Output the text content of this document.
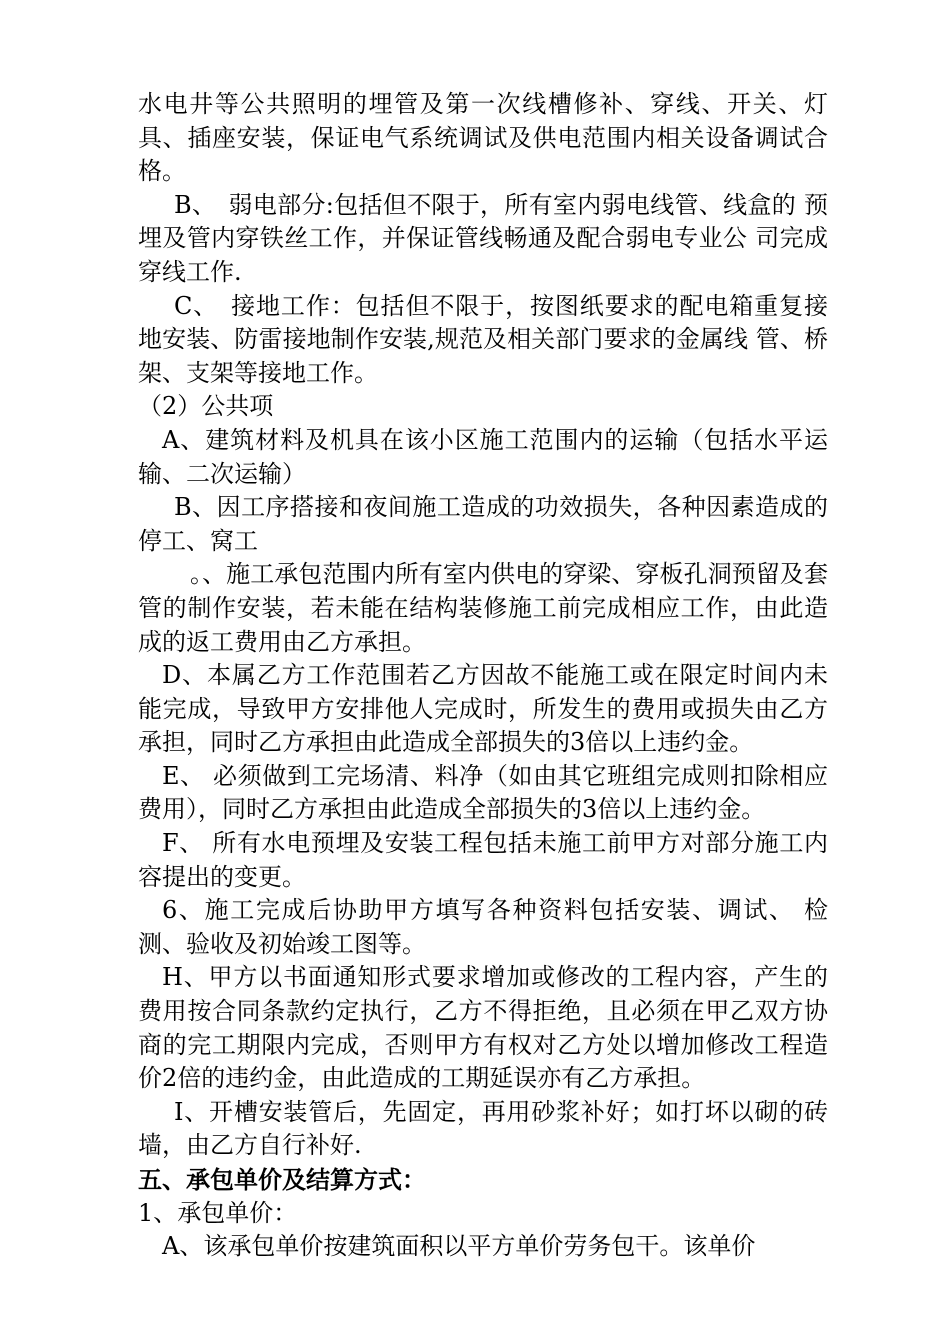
水电井等公共照明的埋管及第一次线槽修补、穿线、开关、灯具、插座安装，保证电气系统调试及供电范围内相关设备调试合格。

B、　弱电部分:包括但不限于，所有室内弱电线管、线盒的 预埋及管内穿铁丝工作，并保证管线畅通及配合弱电专业公 司完成穿线工作.

C、　接地工作：包括但不限于，按图纸要求的配电箱重复接 地安装、防雷接地制作安装,规范及相关部门要求的金属线 管、桥架、支架等接地工作。

（2）公共项

A、建筑材料及机具在该小区施工范围内的运输（包括水平运输、二次运输）

B、因工序搭接和夜间施工造成的功效损失，各种因素造成的停工、窝工

。、施工承包范围内所有室内供电的穿梁、穿板孔洞预留及套管的制作安装，若未能在结构装修施工前完成相应工作，由此造成的返工费用由乙方承担。

D、本属乙方工作范围若乙方因故不能施工或在限定时间内未能完成，导致甲方安排他人完成时，所发生的费用或损失由乙方承担，同时乙方承担由此造成全部损失的3倍以上违约金。

E、 必须做到工完场清、料净（如由其它班组完成则扣除相应费用），同时乙方承担由此造成全部损失的3倍以上违约金。

F、 所有水电预埋及安装工程包括未施工前甲方对部分施工内容提出的变更。

6、施工完成后协助甲方填写各种资料包括安装、调试、 检测、验收及初始竣工图等。

H、甲方以书面通知形式要求增加或修改的工程内容，产生的费用按合同条款约定执行，乙方不得拒绝，且必须在甲乙双方协商的完工期限内完成，否则甲方有权对乙方处以增加修改工程造价2倍的违约金，由此造成的工期延误亦有乙方承担。

I、开槽安装管后，先固定，再用砂浆补好；如打坏以砌的砖墙，由乙方自行补好.

五、承包单价及结算方式：

1、承包单价：

A、该承包单价按建筑面积以平方单价劳务包干。该单价
